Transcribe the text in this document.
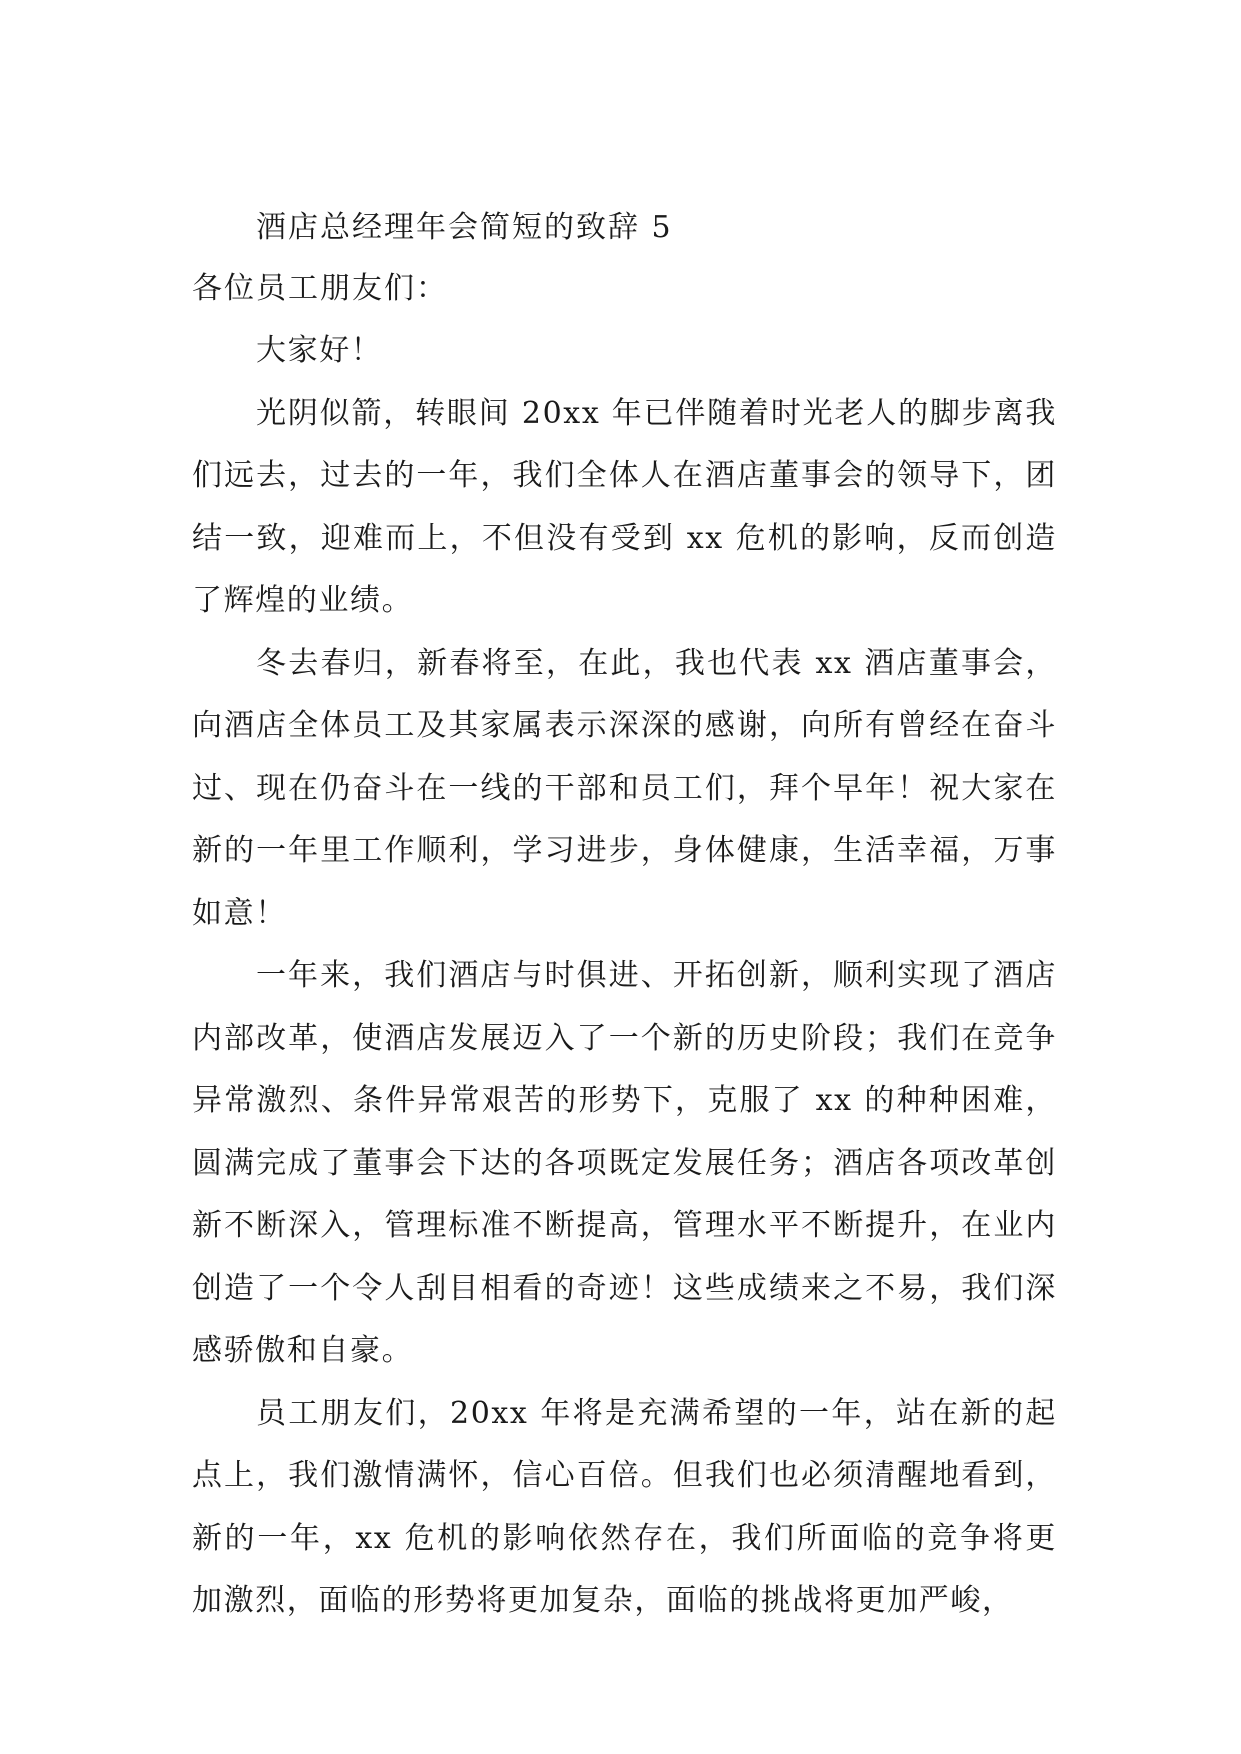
酒店总经理年会简短的致辞 5

各位员工朋友们：

大家好！

光阴似箭，转眼间 20xx 年已伴随着时光老人的脚步离我们远去，过去的一年，我们全体人在酒店董事会的领导下，团结一致，迎难而上，不但没有受到 xx 危机的影响，反而创造了辉煌的业绩。

冬去春归，新春将至，在此，我也代表 xx 酒店董事会，向酒店全体员工及其家属表示深深的感谢，向所有曾经在奋斗过、现在仍奋斗在一线的干部和员工们，拜个早年！祝大家在新的一年里工作顺利，学习进步，身体健康，生活幸福，万事如意！

一年来，我们酒店与时俱进、开拓创新，顺利实现了酒店内部改革，使酒店发展迈入了一个新的历史阶段；我们在竞争异常激烈、条件异常艰苦的形势下，克服了 xx 的种种困难，圆满完成了董事会下达的各项既定发展任务；酒店各项改革创新不断深入，管理标准不断提高，管理水平不断提升，在业内创造了一个令人刮目相看的奇迹！这些成绩来之不易，我们深感骄傲和自豪。

员工朋友们，20xx 年将是充满希望的一年，站在新的起点上，我们激情满怀，信心百倍。但我们也必须清醒地看到，新的一年，xx 危机的影响依然存在，我们所面临的竞争将更加激烈，面临的形势将更加复杂，面临的挑战将更加严峻，
